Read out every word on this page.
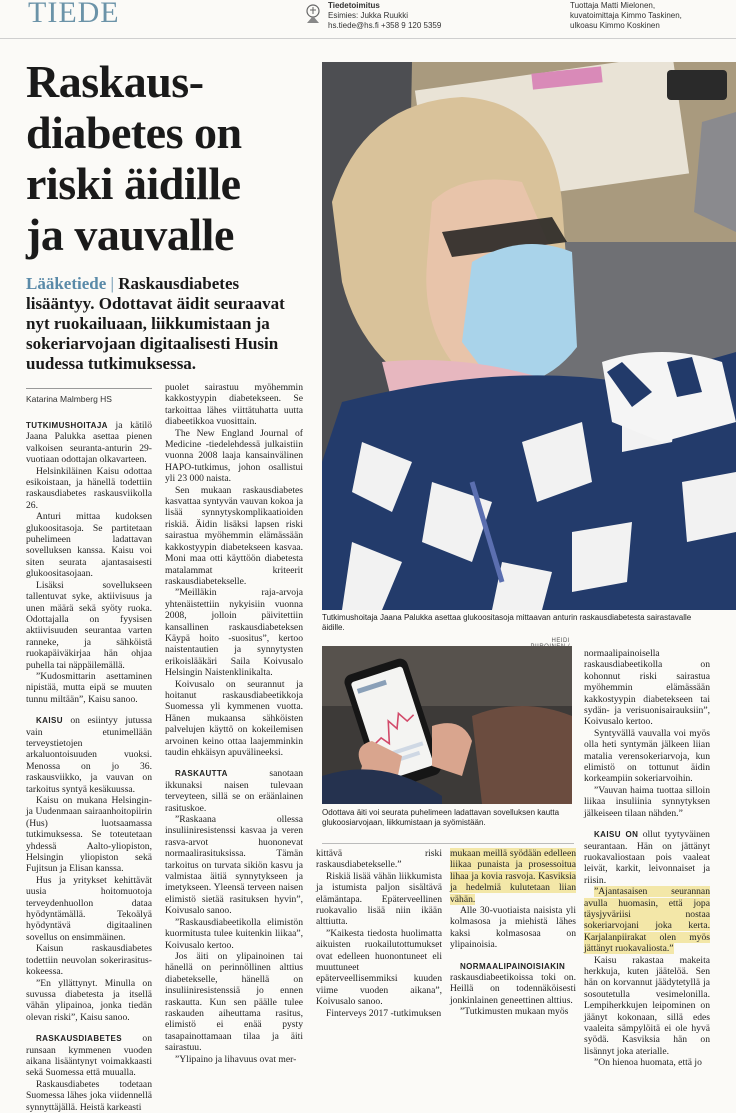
TIEDE	Tiedetoimitus
Esimies: Jukka Ruukki
hs.tiede@hs.fi +358 9 120 5359
Tuottaja Matti Mielonen,
kuvatoimittaja Kimmo Taskinen,
ulkoasu Kimmo Koskinen
Raskaus-
diabetes on
riski äidille
ja vauvalle

Lääketiede | Raskausdiabetes
lisääntyy. Odottavat äidit seuraavat
nyt ruokailuaan, liikkumistaan ja
sokeriarvojaan digitaalisesti Husin
uudessa tutkimuksessa.

Katarina Malmberg HS

TUTKIMUSHOITAJA ja kätilö Jaana Palukka asettaa pienen valkoisen seuranta-anturin 29-vuotiaan odottajan olkavarteen.

Helsinkiläinen Kaisu odottaa esikoistaan, ja hänellä todettiin raskausdiabetes raskausviikolla 26.

Anturi mittaa kudoksen glukoositasoja. Se partitetaan puhelimeen ladattavan sovelluksen kanssa. Kaisu voi siten seurata ajantasaisesti glukoositasojaan.

Lisäksi sovellukseen tallentuvat syke, aktiivisuus ja unen määrä sekä syöty ruoka. Odottajalla on fyysisen aktiivisuuden seurantaa varten ranneke, ja sähköistä ruokapäiväkirjaa hän ohjaa puhella tai näppäilemällä.

”Kudosmittarin asettaminen nipistää, mutta eipä se muuten tunnu miltään”, Kaisu sanoo.

KAISU on esiintyy jutussa vain etunimellään terveystietojen arkaluontoisuuden vuoksi. Menossa on jo 36. raskausviikko, ja vauvan on tarkoitus syntyä kesäkuussa.

Kaisu on mukana Helsingin- ja Uudenmaan sairaanhoitopiirin (Hus) luotsaamassa tutkimuksessa. Se toteutetaan yhdessä Aalto-yliopiston, Helsingin yliopiston sekä Fujitsun ja Elisan kanssa.

Hus ja yritykset kehittävät uusia hoitomuotoja terveydenhuollon dataa hyödyntämällä. Tekoälyä hyödyntävä digitaalinen sovellus on ensimmäinen.

Kaisun raskausdiabetes todettiin neuvolan sokerirasitus-kokeessa.

”En yllättynyt. Minulla on suvussa diabetesta ja itsellä vähän ylipainoa, jonka tiedän olevan riski”, Kaisu sanoo.

RASKAUSDIABETES on runsaan kymmenen vuoden aikana lisääntynyt voimakkaasti sekä Suomessa että muualla.

Raskausdiabetes todetaan Suomessa lähes joka viidennellä synnyttäjällä. Heistä karkeasti

puolet sairastuu myöhemmin kakkostyypin diabetekseen. Se tarkoittaa lähes viittätuhatta uutta diabeetikkoa vuosittain.

The New England Journal of Medicine -tiedelehdessä julkaistiin vuonna 2008 laaja kansainvälinen HAPO-tutkimus, johon osallistui yli 23 000 naista.

Sen mukaan raskausdiabetes kasvattaa syntyvän vauvan kokoa ja lisää synnytyskomplikaatioiden riskiä. Äidin lisäksi lapsen riski sairastua myöhemmin elämässään kakkostyypin diabetekseen kasvaa. Moni maa otti käyttöön diabetesta matalammat kriteerit raskausdiabetekselle.

”Meilläkin raja-arvoja yhtenäistettiin nykyisiin vuonna 2008, jolloin päivitettiin kansallinen raskausdiabeteksen Käypä hoito -suositus”, kertoo naistentautien ja synnytysten erikoislääkäri Saila Koivusalo Helsingin Naistenklinikalta.

Koivusalo on seurannut ja hoitanut raskausdiabeetikkoja Suomessa yli kymmenen vuotta. Hänen mukaansa sähköisten palvelujen käyttö on kokeilemisen arvoinen keino ottaa laajemminkin taudin ehkäisyn apuvälineeksi.

RASKAUTTA sanotaan ikkunaksi naisen tulevaan terveyteen, sillä se on eräänlainen rasituskoe.

”Raskaana ollessa insuliiniresistenssi kasvaa ja veren rasva-arvot huononevat normaalirasituksissa. Tämän tarkoitus on turvata sikiön kasvu ja valmistaa äitiä synnytykseen ja imetykseen. Yleensä terveen naisen elimistö sietää rasituksen hyvin”, Koivusalo sanoo.

”Raskausdiabeetikolla elimistön kuormitusta tulee kuitenkin liikaa”, Koivusalo kertoo.

Jos äiti on ylipainoinen tai hänellä on perinnöllinen alttius diabetekselle, hänellä on insuliiniresistenssiä jo ennen raskautta. Kun sen päälle tulee raskauden aiheuttama rasitus, elimistö ei enää pysty tasapainottamaan tilaa ja äiti sairastuu.

”Ylipaino ja lihavuus ovat mer-

Tutkimushoitaja Jaana Palukka asettaa glukoositasoja mittaavan anturin raskausdiabetesta sairastavalle äidille.
HEIDI
Odottava äiti voi seurata puhelimeen ladattavan sovelluksen kautta glukoosiarvojaan, liikkumistaan ja syömistään.

kittävä riski raskausdiabetekselle.”

Riskiä lisää vähän liikkumista ja istumista paljon sisältävä elämäntapa. Epäterveellinen ruokavalio lisää niin ikään alttiutta.

”Kaikesta tiedosta huolimatta aikuisten ruokailutottumukset ovat edelleen huonontuneet eli muuttuneet epäterveellisemmiksi kuuden viime vuoden aikana”, Koivusalo sanoo.

Finterveys 2017 -tutkimuksen

mukaan meillä syödään edelleen liikaa punaista ja prosessoitua lihaa ja kovia rasvoja. Kasviksia ja hedelmiä kulutetaan liian vähän.

Alle 30-vuotiaista naisista yli kolmasosa ja miehistä lähes kaksi kolmasosaa on ylipainoisia.

NORMAALIPAINOISIAKIN raskausdiabeetikoissa toki on. Heillä on todennäköisesti jonkinlainen geneettinen alttius.

”Tutkimusten mukaan myös

normaalipainoisella raskausdiabeetikolla on kohonnut riski sairastua myöhemmin elämässään kakkostyypin diabetekseen tai sydän- ja verisuonisairauksiin”, Koivusalo kertoo.

Syntyvällä vauvalla voi myös olla heti syntymän jälkeen liian matalia verensokeriarvoja, kun elimistö on tottunut äidin korkeampiin sokeriarvoihin.

”Vauvan haima tuottaa silloin liikaa insuliinia synnytyksen jälkeiseen tilaan nähden.”

KAISU ON ollut tyytyväinen seurantaan. Hän on jättänyt ruokavaliostaan pois vaaleat leivät, karkit, leivonnaiset ja riisin.

”Ajantasaisen seurannan avulla huomasin, että jopa täysjyväriisi nostaa sokeriarvojani joka kerta. Karjalanpiirakat olen myös jättänyt ruokavaliosta.”

Kaisu rakastaa makeita herkkuja, kuten jäätelöä. Sen hän on korvannut jäädytetyllä ja sosoutetulla vesimelonilla. Lempiherkkujen leipominen on jäänyt kokonaan, sillä edes vaaleita sämpylöitä ei ole hyvä syödä. Kasviksia hän on lisännyt joka aterialle.

”On hienoa huomata, että jo
